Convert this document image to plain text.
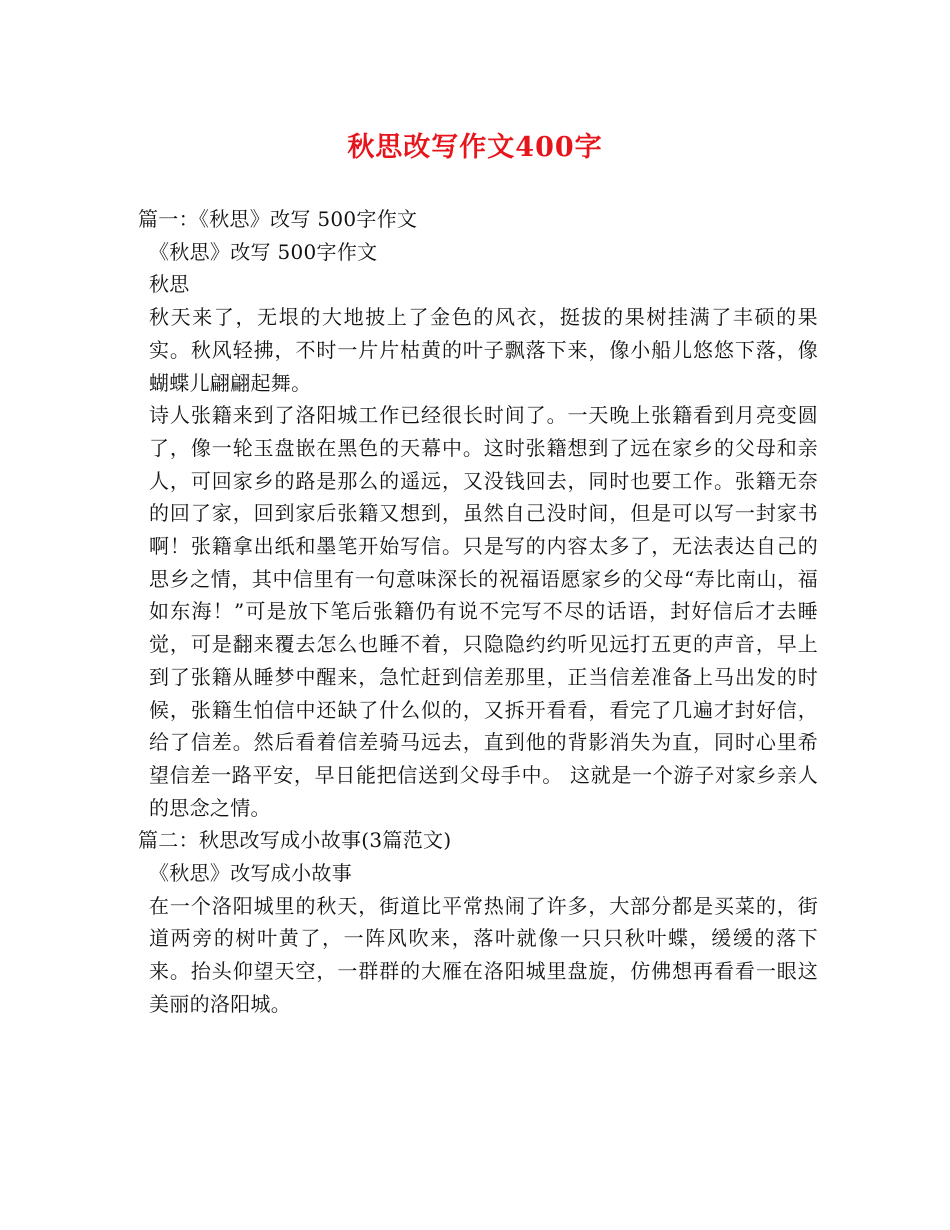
秋思改写作文400字

篇一：《秋思》改写 500字作文

《秋思》改写 500字作文

秋思

秋天来了，无垠的大地披上了金色的风衣，挺拔的果树挂满了丰硕的果实。秋风轻拂，不时一片片枯黄的叶子飘落下来，像小船儿悠悠下落，像蝴蝶儿翩翩起舞。

诗人张籍来到了洛阳城工作已经很长时间了。一天晚上张籍看到月亮变圆了，像一轮玉盘嵌在黑色的天幕中。这时张籍想到了远在家乡的父母和亲人，可回家乡的路是那么的遥远，又没钱回去，同时也要工作。张籍无奈的回了家，回到家后张籍又想到，虽然自己没时间，但是可以写一封家书啊！张籍拿出纸和墨笔开始写信。只是写的内容太多了，无法表达自己的思乡之情，其中信里有一句意味深长的祝福语愿家乡的父母“寿比南山，福如东海！”可是放下笔后张籍仍有说不完写不尽的话语，封好信后才去睡觉，可是翻来覆去怎么也睡不着，只隐隐约约听见远打五更的声音，早上到了张籍从睡梦中醒来，急忙赶到信差那里，正当信差准备上马出发的时候，张籍生怕信中还缺了什么似的，又拆开看看，看完了几遍才封好信，给了信差。然后看着信差骑马远去，直到他的背影消失为直，同时心里希望信差一路平安，早日能把信送到父母手中。 这就是一个游子对家乡亲人的思念之情。

篇二：秋思改写成小故事(3篇范文)

《秋思》改写成小故事

在一个洛阳城里的秋天，街道比平常热闹了许多，大部分都是买菜的，街道两旁的树叶黄了，一阵风吹来，落叶就像一只只秋叶蝶，缓缓的落下来。抬头仰望天空，一群群的大雁在洛阳城里盘旋，仿佛想再看看一眼这美丽的洛阳城。
